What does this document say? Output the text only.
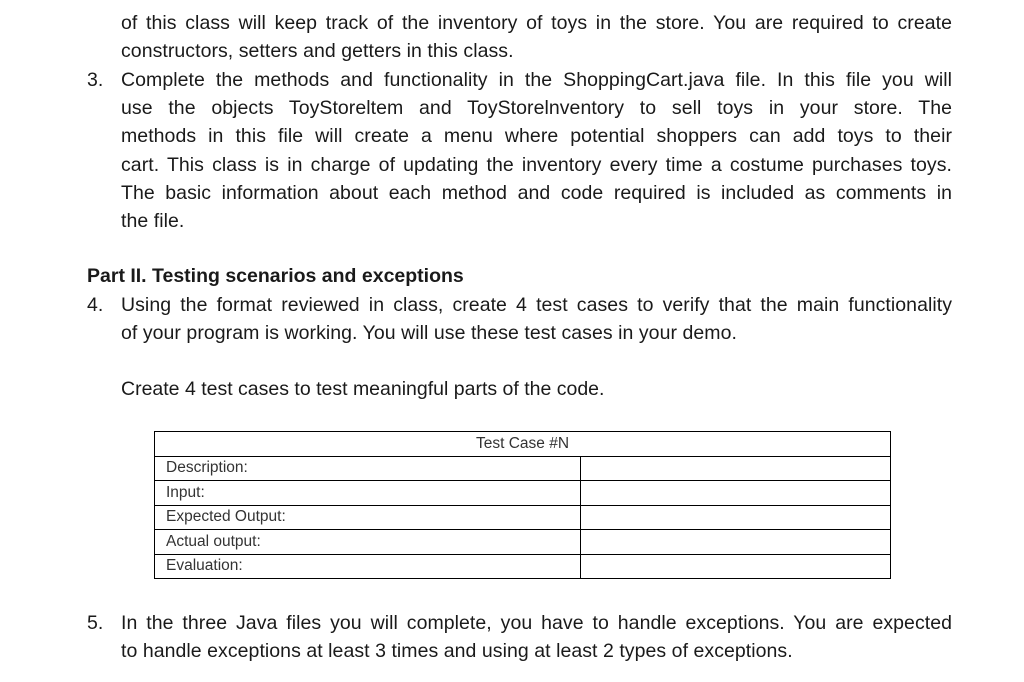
of this class will keep track of the inventory of toys in the store. You are required to create
constructors, setters and getters in this class.
3. Complete the methods and functionality in the ShoppingCart.java file. In this file you will
use the objects ToyStoreltem and ToyStorelnventory to sell toys in your store. The
methods in this file will create a menu where potential shoppers can add toys to their
cart. This class is in charge of updating the inventory every time a costume purchases toys.
The basic information about each method and code required is included as comments in
the file.
Part II. Testing scenarios and exceptions
4. Using the format reviewed in class, create 4 test cases to verify that the main functionality
of your program is working. You will use these test cases in your demo.
Create 4 test cases to test meaningful parts of the code.
Test Case #N	
Description:	
Input:	
Expected Output:	
Actual output:	
Evaluation:	
5. In the three Java files you will complete, you have to handle exceptions. You are expected
to handle exceptions at least 3 times and using at least 2 types of exceptions.
